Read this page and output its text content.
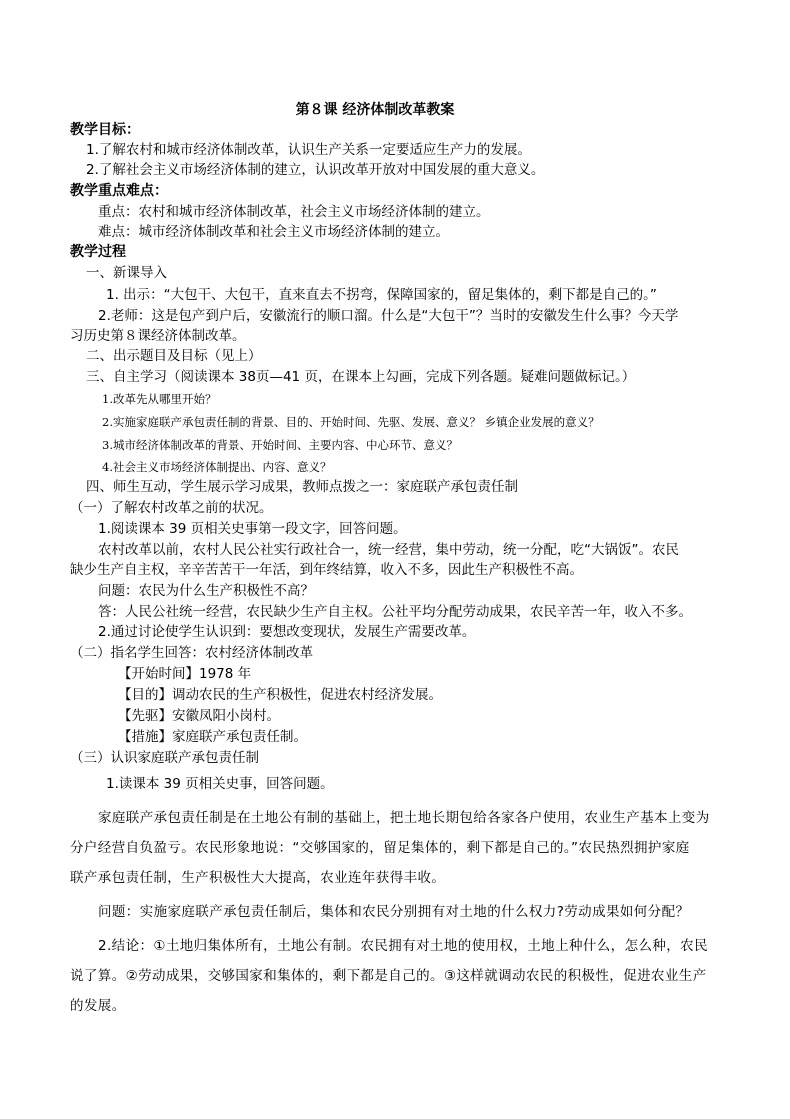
第８课 经济体制改革教案
教学目标：
1.了解农村和城市经济体制改革，认识生产关系一定要适应生产力的发展。
2.了解社会主义市场经济体制的建立，认识改革开放对中国发展的重大意义。
教学重点难点：
重点：农村和城市经济体制改革，社会主义市场经济体制的建立。
难点：城市经济体制改革和社会主义市场经济体制的建立。
教学过程
一、新课导入
1. 出示：“大包干、大包干，直来直去不拐弯，保障国家的，留足集体的，剩下都是自己的。”
2.老师：这是包产到户后，安徽流行的顺口溜。什么是“大包干”？当时的安徽发生什么事？今天学
习历史第８课经济体制改革。
二、出示题目及目标（见上）
三、自主学习（阅读课本 38页—41 页，在课本上勾画，完成下列各题。疑难问题做标记。）
1.改革先从哪里开始？
2.实施家庭联产承包责任制的背景、目的、开始时间、先驱、发展、意义？ 乡镇企业发展的意义？
3.城市经济体制改革的背景、开始时间、主要内容、中心环节、意义？
4.社会主义市场经济体制提出、内容、意义？
四、师生互动，学生展示学习成果，教师点拨之一：家庭联产承包责任制
（一）了解农村改革之前的状况。
1.阅读课本 39 页相关史事第一段文字，回答问题。
农村改革以前，农村人民公社实行政社合一，统一经营，集中劳动，统一分配，吃“大锅饭”。农民
缺少生产自主权，辛辛苦苦干一年活，到年终结算，收入不多，因此生产积极性不高。
问题：农民为什么生产积极性不高？
答：人民公社统一经营，农民缺少生产自主权。公社平均分配劳动成果，农民辛苦一年，收入不多。
2.通过讨论使学生认识到：要想改变现状，发展生产需要改革。
（二）指名学生回答：农村经济体制改革
【开始时间】1978 年
【目的】调动农民的生产积极性，促进农村经济发展。
【先驱】安徽凤阳小岗村。
【措施】家庭联产承包责任制。
（三）认识家庭联产承包责任制
1.读课本 39 页相关史事，回答问题。
家庭联产承包责任制是在土地公有制的基础上，把土地长期包给各家各户使用，农业生产基本上变为
分户经营自负盈亏。农民形象地说：“交够国家的，留足集体的，剩下都是自己的。”农民热烈拥护家庭
联产承包责任制，生产积极性大大提高，农业连年获得丰收。
问题：实施家庭联产承包责任制后，集体和农民分别拥有对土地的什么权力?劳动成果如何分配？
2.结论：①土地归集体所有，土地公有制。农民拥有对土地的使用权，土地上种什么，怎么种，农民
说了算。②劳动成果，交够国家和集体的，剩下都是自己的。③这样就调动农民的积极性，促进农业生产
的发展。
